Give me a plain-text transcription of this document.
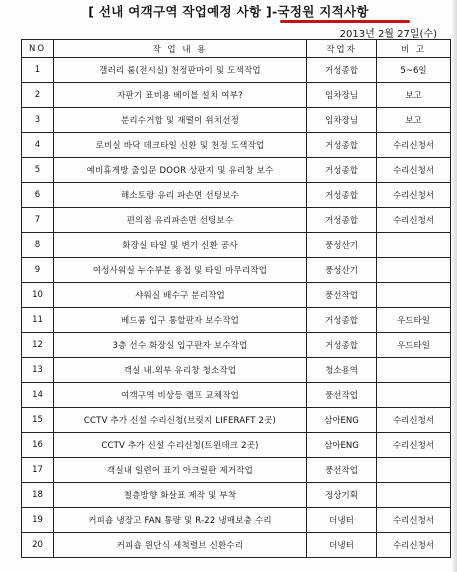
[ 선내 여객구역 작업예정 사항 ]-국정원 지적사항
2013년 2월 27일(수)
NO	작 업 내 용	작업자	비 고
1	갤러리 룸(전시실) 천정판마이 및 도색작업	거성종합	5~6일
2	자판기 표비용 베이블 설치 여부?	임차장님	보고
3	분리수거함 및 재떨이 위치선정	임차장님	보고
4	로비실 바닥 데크타일 신환 및 천정 도색작업	거성종합	수리신청서
5	예비휴게방 출입문 DOOR 상판지 및 유리창 보수	거성종합	수리신청서
6	해소토랑 유리 파손면 선팅보수	거성종합	수리신청서
7	편의점 유리파손면 선팅보수	거성종합	수리신청서
8	화장실 타일 및 변기 신환 공사	풍성산기	
9	여성사워실 누수부분 용접 및 타일 마무리작업	풍성산기	
10	샤워실 배수구 분리작업	풍선작업	
11	베드룸 입구 통할판자 보수작업	거성종합	우드타일
12	3층 선수 화장실 입구판자 보수작업	거성종합	우드타일
13	객실 내.외부 유리창 청소작업	청소용역	
14	여객구역 비상등 램프 교체작업	풍선작업	
15	CCTV 추가 신설 수리신청(브릿지 LIFERAFT 2곳)	삼아ENG	수리신청서
16	CCTV 추가 신설 수리신청(트윈데크 2곳)	삼아ENG	수리신청서
17	객실내 일련어 표기 아크릴판 제거작업	풍선작업	
18	철층방향 화살표 제작 및 부착	정상기획	
19	커피숍 냉장고 FAN 통량 및 R-22 냉매보충 수리	더냉터	수리신청서
20	커피숍 원단식 세척렬브 신환수리	더냉터	수리신청서
